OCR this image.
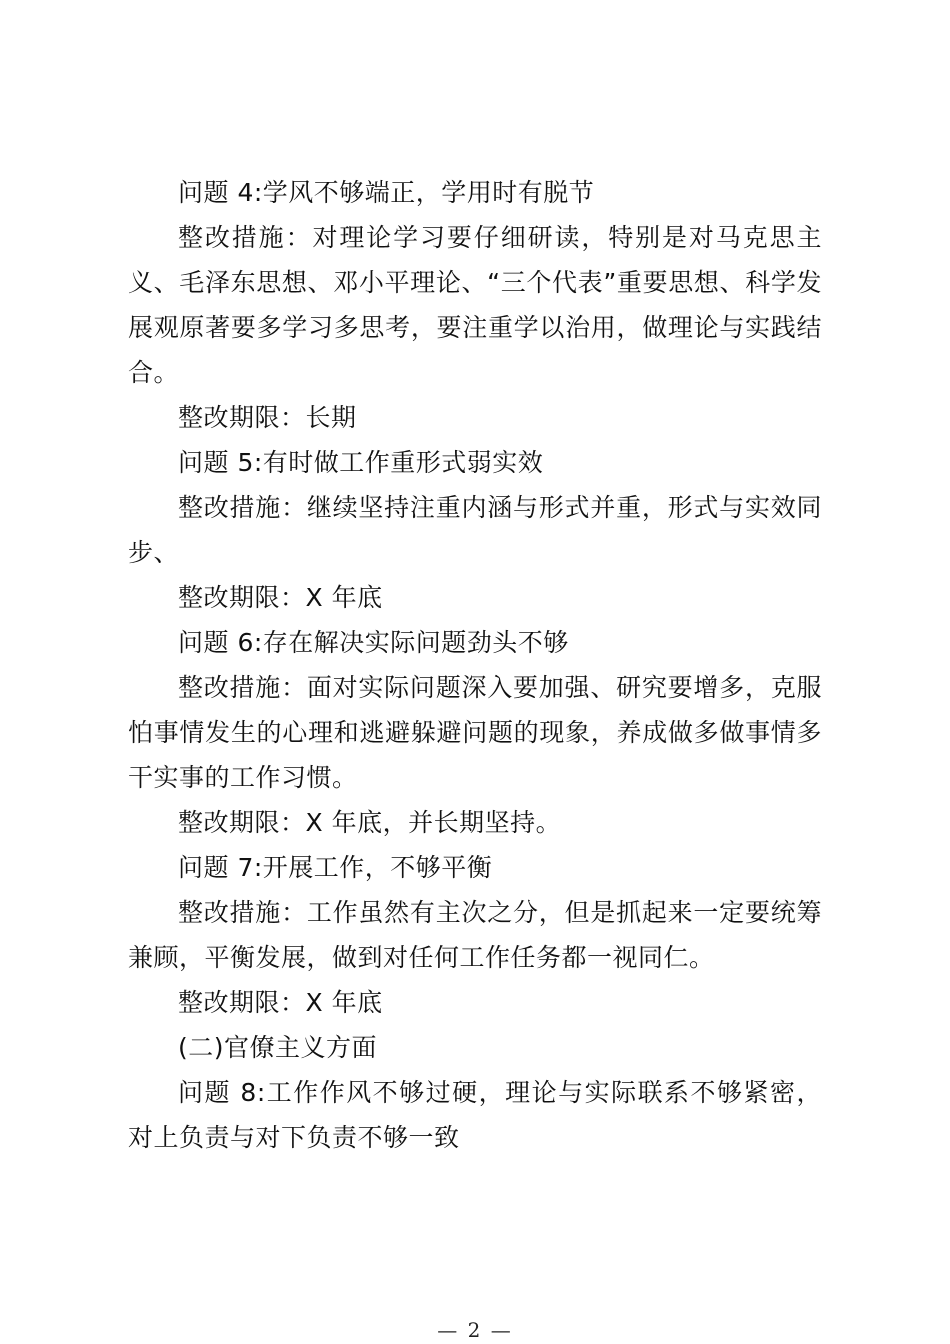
问题 4:学风不够端正，学用时有脱节

整改措施：对理论学习要仔细研读，特别是对马克思主义、毛泽东思想、邓小平理论、“三个代表”重要思想、科学发展观原著要多学习多思考，要注重学以治用，做理论与实践结合。

整改期限：长期

问题 5:有时做工作重形式弱实效

整改措施：继续坚持注重内涵与形式并重，形式与实效同步、

整改期限：X 年底

问题 6:存在解决实际问题劲头不够

整改措施：面对实际问题深入要加强、研究要增多，克服怕事情发生的心理和逃避躲避问题的现象，养成做多做事情多干实事的工作习惯。

整改期限：X 年底，并长期坚持。

问题 7:开展工作，不够平衡

整改措施：工作虽然有主次之分，但是抓起来一定要统筹兼顾，平衡发展，做到对任何工作任务都一视同仁。

整改期限：X 年底

(二)官僚主义方面

问题 8:工作作风不够过硬，理论与实际联系不够紧密，对上负责与对下负责不够一致

— 2 —
